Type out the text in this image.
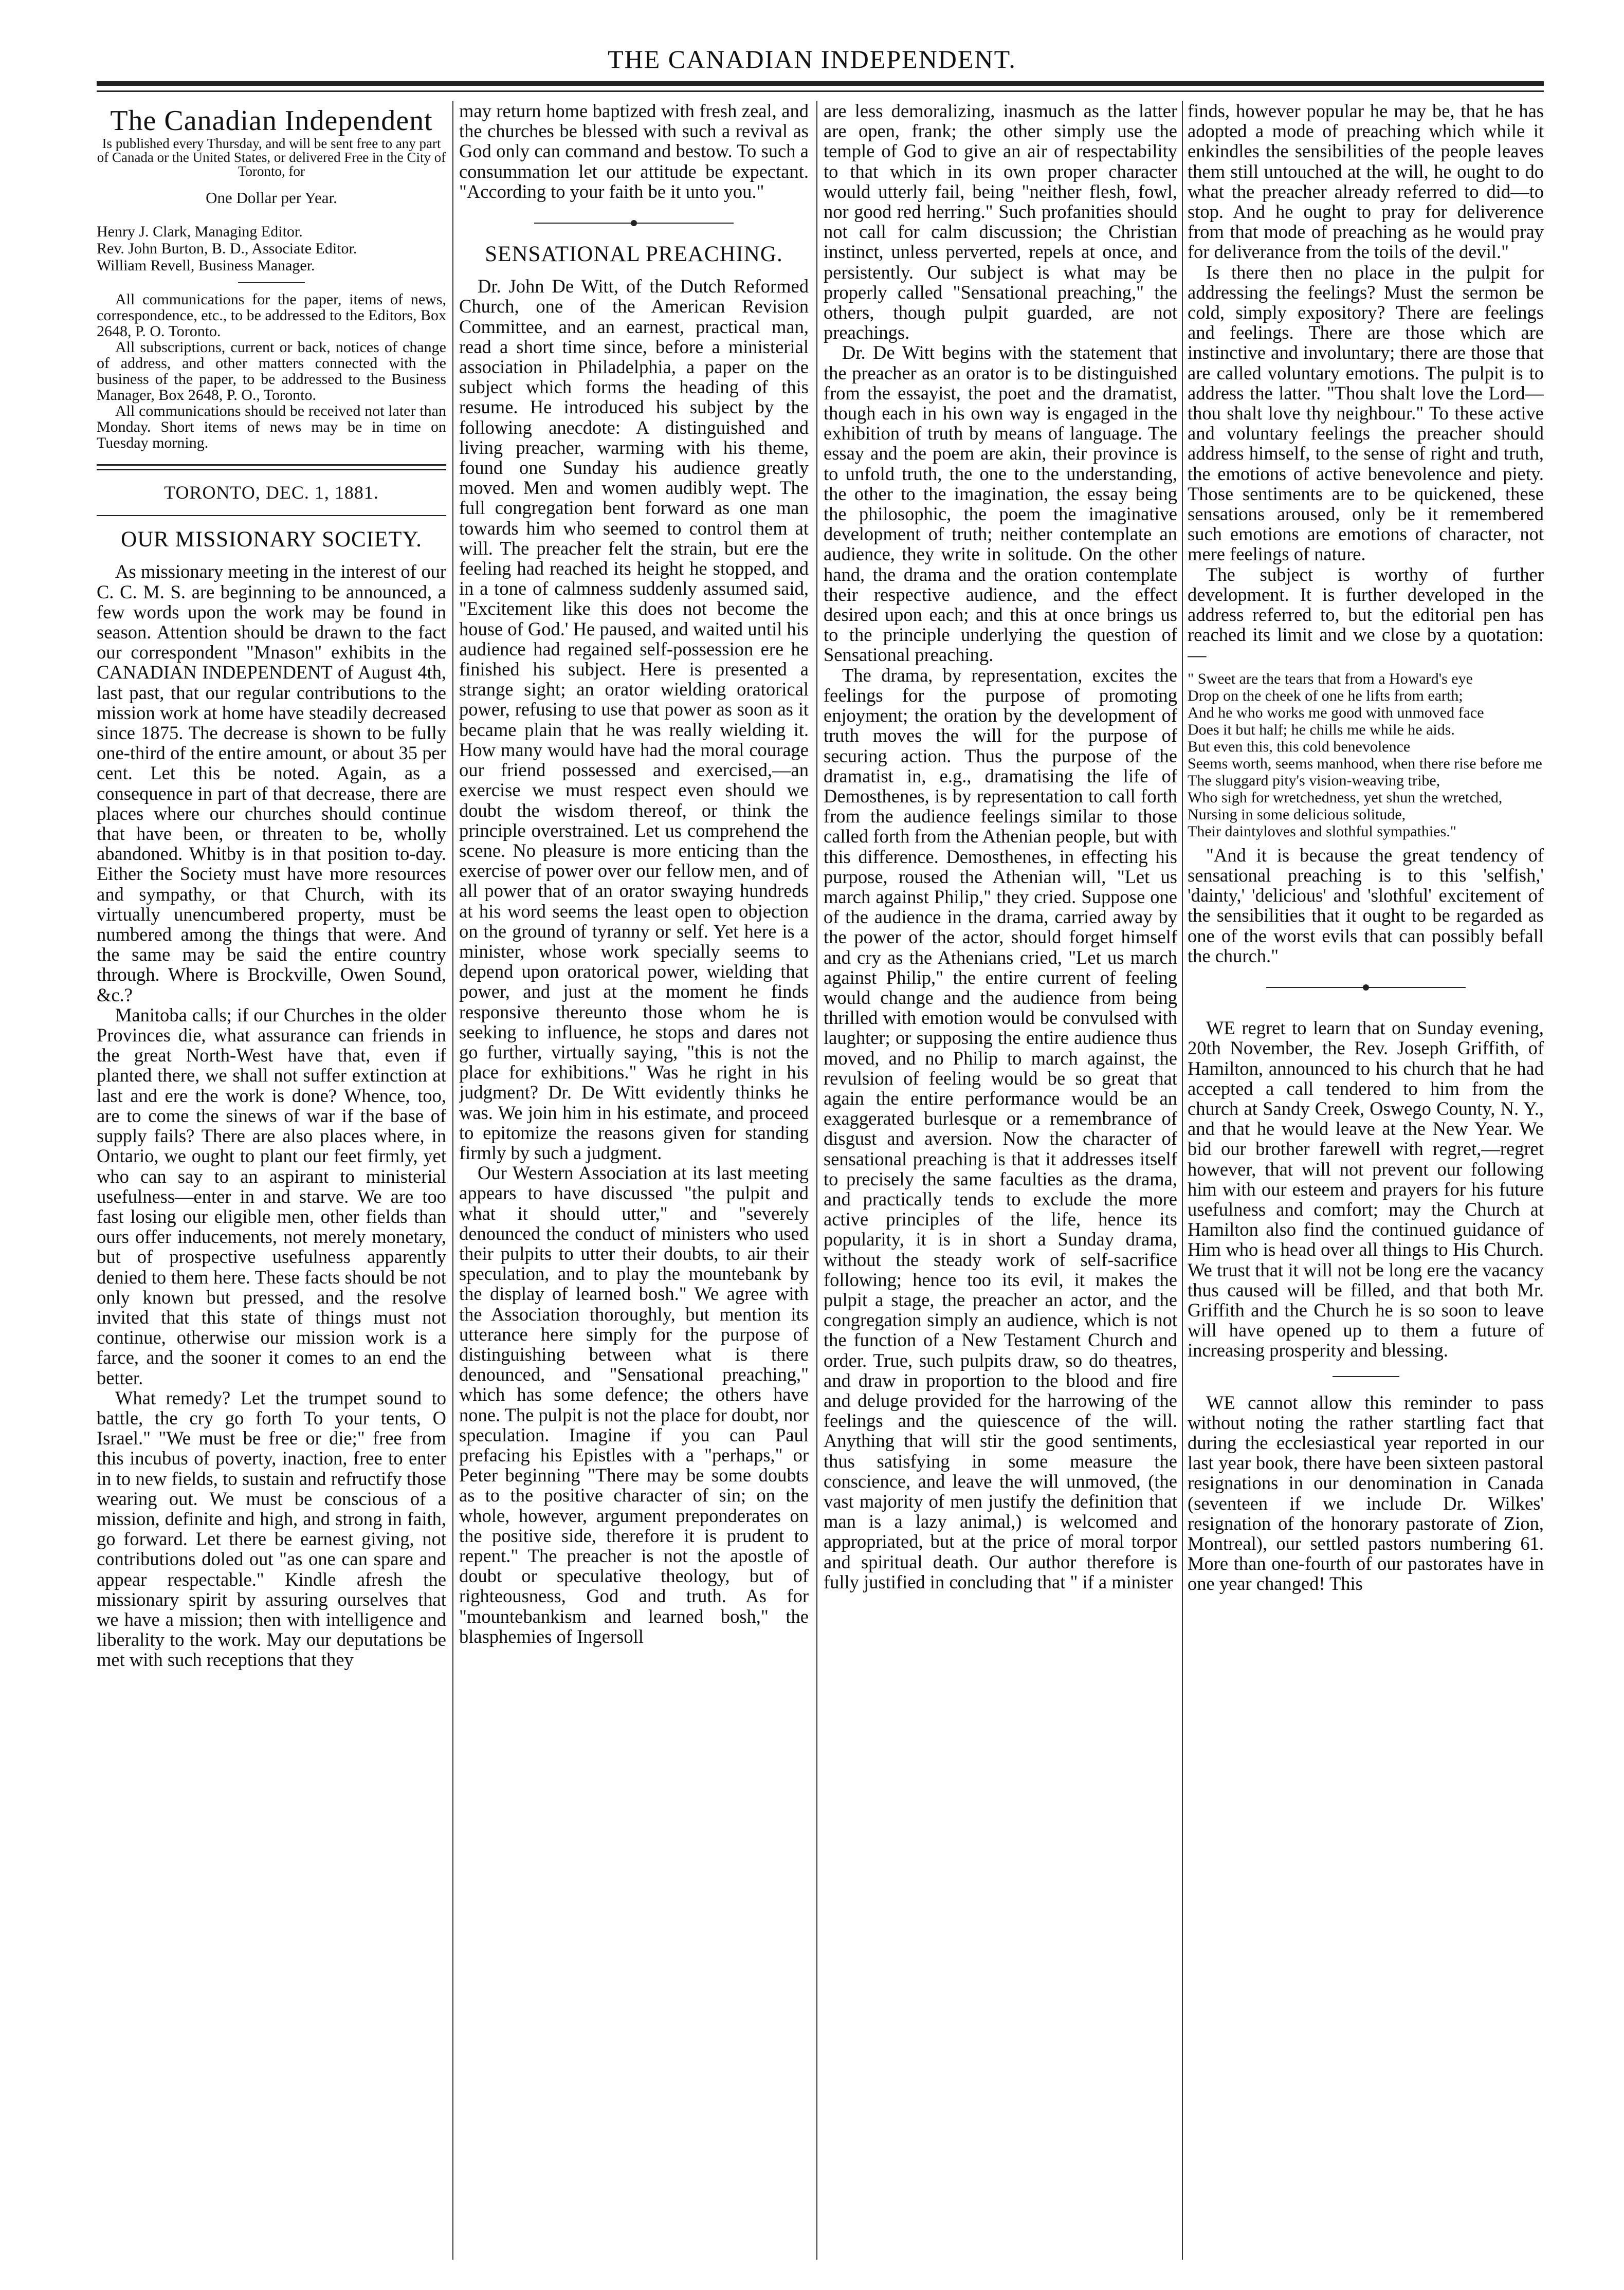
THE CANADIAN INDEPENDENT.
The Canadian Independent

Is published every Thursday, and will be sent free to any part of Canada or the United States, or delivered Free in the City of Toronto, for

One Dollar per Year.

Henry J. Clark, Managing Editor.

Rev. John Burton, B. D., Associate Editor.

William Revell, Business Manager.

All communications for the paper, items of news, correspondence, etc., to be addressed to the Editors, Box 2648, P. O. Toronto.

All subscriptions, current or back, notices of change of address, and other matters connected with the business of the paper, to be addressed to the Business Manager, Box 2648, P. O., Toronto.

All communications should be received not later than Monday. Short items of news may be in time on Tuesday morning.

TORONTO, DEC. 1, 1881.
OUR MISSIONARY SOCIETY.

As missionary meeting in the interest of our C. C. M. S. are beginning to be announced, a few words upon the work may be found in season. Attention should be drawn to the fact our correspondent "Mnason" exhibits in the CANADIAN INDEPENDENT of August 4th, last past, that our regular contributions to the mission work at home have steadily decreased since 1875. The decrease is shown to be fully one-third of the entire amount, or about 35 per cent. Let this be noted. Again, as a consequence in part of that decrease, there are places where our churches should continue that have been, or threaten to be, wholly abandoned. Whitby is in that position to-day. Either the Society must have more resources and sympathy, or that Church, with its virtually unencumbered property, must be numbered among the things that were. And the same may be said the entire country through. Where is Brockville, Owen Sound, &c.?

Manitoba calls; if our Churches in the older Provinces die, what assurance can friends in the great North-West have that, even if planted there, we shall not suffer extinction at last and ere the work is done? Whence, too, are to come the sinews of war if the base of supply fails? There are also places where, in Ontario, we ought to plant our feet firmly, yet who can say to an aspirant to ministerial usefulness—enter in and starve. We are too fast losing our eligible men, other fields than ours offer inducements, not merely monetary, but of prospective usefulness apparently denied to them here. These facts should be not only known but pressed, and the resolve invited that this state of things must not continue, otherwise our mission work is a farce, and the sooner it comes to an end the better.

What remedy? Let the trumpet sound to battle, the cry go forth To your tents, O Israel." "We must be free or die;" free from this incubus of poverty, inaction, free to enter in to new fields, to sustain and refructify those wearing out. We must be conscious of a mission, definite and high, and strong in faith, go forward. Let there be earnest giving, not contributions doled out "as one can spare and appear respectable." Kindle afresh the missionary spirit by assuring ourselves that we have a mission; then with intelligence and liberality to the work. May our deputations be met with such receptions that they

may return home baptized with fresh zeal, and the churches be blessed with such a revival as God only can command and bestow. To such a consummation let our attitude be expectant. "According to your faith be it unto you."

SENSATIONAL PREACHING.

Dr. John De Witt, of the Dutch Reformed Church, one of the American Revision Committee, and an earnest, practical man, read a short time since, before a ministerial association in Philadelphia, a paper on the subject which forms the heading of this resume. He introduced his subject by the following anecdote: A distinguished and living preacher, warming with his theme, found one Sunday his audience greatly moved. Men and women audibly wept. The full congregation bent forward as one man towards him who seemed to control them at will. The preacher felt the strain, but ere the feeling had reached its height he stopped, and in a tone of calmness suddenly assumed said, "Excitement like this does not become the house of God.' He paused, and waited until his audience had regained self-possession ere he finished his subject. Here is presented a strange sight; an orator wielding oratorical power, refusing to use that power as soon as it became plain that he was really wielding it. How many would have had the moral courage our friend possessed and exercised,—an exercise we must respect even should we doubt the wisdom thereof, or think the principle overstrained. Let us comprehend the scene. No pleasure is more enticing than the exercise of power over our fellow men, and of all power that of an orator swaying hundreds at his word seems the least open to objection on the ground of tyranny or self. Yet here is a minister, whose work specially seems to depend upon oratorical power, wielding that power, and just at the moment he finds responsive thereunto those whom he is seeking to influence, he stops and dares not go further, virtually saying, "this is not the place for exhibitions." Was he right in his judgment? Dr. De Witt evidently thinks he was. We join him in his estimate, and proceed to epitomize the reasons given for standing firmly by such a judgment.

Our Western Association at its last meeting appears to have discussed "the pulpit and what it should utter," and "severely denounced the conduct of ministers who used their pulpits to utter their doubts, to air their speculation, and to play the mountebank by the display of learned bosh." We agree with the Association thoroughly, but mention its utterance here simply for the purpose of distinguishing between what is there denounced, and "Sensational preaching," which has some defence; the others have none. The pulpit is not the place for doubt, nor speculation. Imagine if you can Paul prefacing his Epistles with a "perhaps," or Peter beginning "There may be some doubts as to the positive character of sin; on the whole, however, argument preponderates on the positive side, therefore it is prudent to repent." The preacher is not the apostle of doubt or speculative theology, but of righteousness, God and truth. As for "mountebankism and learned bosh," the blasphemies of Ingersoll

are less demoralizing, inasmuch as the latter are open, frank; the other simply use the temple of God to give an air of respectability to that which in its own proper character would utterly fail, being "neither flesh, fowl, nor good red herring." Such profanities should not call for calm discussion; the Christian instinct, unless perverted, repels at once, and persistently. Our subject is what may be properly called "Sensational preaching," the others, though pulpit guarded, are not preachings.

Dr. De Witt begins with the statement that the preacher as an orator is to be distinguished from the essayist, the poet and the dramatist, though each in his own way is engaged in the exhibition of truth by means of language. The essay and the poem are akin, their province is to unfold truth, the one to the understanding, the other to the imagination, the essay being the philosophic, the poem the imaginative development of truth; neither contemplate an audience, they write in solitude. On the other hand, the drama and the oration contemplate their respective audience, and the effect desired upon each; and this at once brings us to the principle underlying the question of Sensational preaching.

The drama, by representation, excites the feelings for the purpose of promoting enjoyment; the oration by the development of truth moves the will for the purpose of securing action. Thus the purpose of the dramatist in, e.g., dramatising the life of Demosthenes, is by representation to call forth from the audience feelings similar to those called forth from the Athenian people, but with this difference. Demosthenes, in effecting his purpose, roused the Athenian will, "Let us march against Philip," they cried. Suppose one of the audience in the drama, carried away by the power of the actor, should forget himself and cry as the Athenians cried, "Let us march against Philip," the entire current of feeling would change and the audience from being thrilled with emotion would be convulsed with laughter; or supposing the entire audience thus moved, and no Philip to march against, the revulsion of feeling would be so great that again the entire performance would be an exaggerated burlesque or a remembrance of disgust and aversion. Now the character of sensational preaching is that it addresses itself to precisely the same faculties as the drama, and practically tends to exclude the more active principles of the life, hence its popularity, it is in short a Sunday drama, without the steady work of self-sacrifice following; hence too its evil, it makes the pulpit a stage, the preacher an actor, and the congregation simply an audience, which is not the function of a New Testament Church and order. True, such pulpits draw, so do theatres, and draw in proportion to the blood and fire and deluge provided for the harrowing of the feelings and the quiescence of the will. Anything that will stir the good sentiments, thus satisfying in some measure the conscience, and leave the will unmoved, (the vast majority of men justify the definition that man is a lazy animal,) is welcomed and appropriated, but at the price of moral torpor and spiritual death. Our author therefore is fully justified in concluding that " if a minister

finds, however popular he may be, that he has adopted a mode of preaching which while it enkindles the sensibilities of the people leaves them still untouched at the will, he ought to do what the preacher already referred to did—to stop. And he ought to pray for deliverence from that mode of preaching as he would pray for deliverance from the toils of the devil."

Is there then no place in the pulpit for addressing the feelings? Must the sermon be cold, simply expository? There are feelings and feelings. There are those which are instinctive and involuntary; there are those that are called voluntary emotions. The pulpit is to address the latter. "Thou shalt love the Lord—thou shalt love thy neighbour." To these active and voluntary feelings the preacher should address himself, to the sense of right and truth, the emotions of active benevolence and piety. Those sentiments are to be quickened, these sensations aroused, only be it remembered such emotions are emotions of character, not mere feelings of nature.

The subject is worthy of further development. It is further developed in the address referred to, but the editorial pen has reached its limit and we close by a quotation:—

" Sweet are the tears that from a Howard's eye
Drop on the cheek of one he lifts from earth;
And he who works me good with unmoved face
Does it but half; he chills me while he aids.
But even this, this cold benevolence
Seems worth, seems manhood, when there rise before me
The sluggard pity's vision-weaving tribe,
Who sigh for wretchedness, yet shun the wretched,
Nursing in some delicious solitude,
Their daintyloves and slothful sympathies."

"And it is because the great tendency of sensational preaching is to this 'selfish,' 'dainty,' 'delicious' and 'slothful' excitement of the sensibilities that it ought to be regarded as one of the worst evils that can possibly befall the church."

WE regret to learn that on Sunday evening, 20th November, the Rev. Joseph Griffith, of Hamilton, announced to his church that he had accepted a call tendered to him from the church at Sandy Creek, Oswego County, N. Y., and that he would leave at the New Year. We bid our brother farewell with regret,—regret however, that will not prevent our following him with our esteem and prayers for his future usefulness and comfort; may the Church at Hamilton also find the continued guidance of Him who is head over all things to His Church. We trust that it will not be long ere the vacancy thus caused will be filled, and that both Mr. Griffith and the Church he is so soon to leave will have opened up to them a future of increasing prosperity and blessing.

WE cannot allow this reminder to pass without noting the rather startling fact that during the ecclesiastical year reported in our last year book, there have been sixteen pastoral resignations in our denomination in Canada (seventeen if we include Dr. Wilkes' resignation of the honorary pastorate of Zion, Montreal), our settled pastors numbering 61. More than one-fourth of our pastorates have in one year changed! This
